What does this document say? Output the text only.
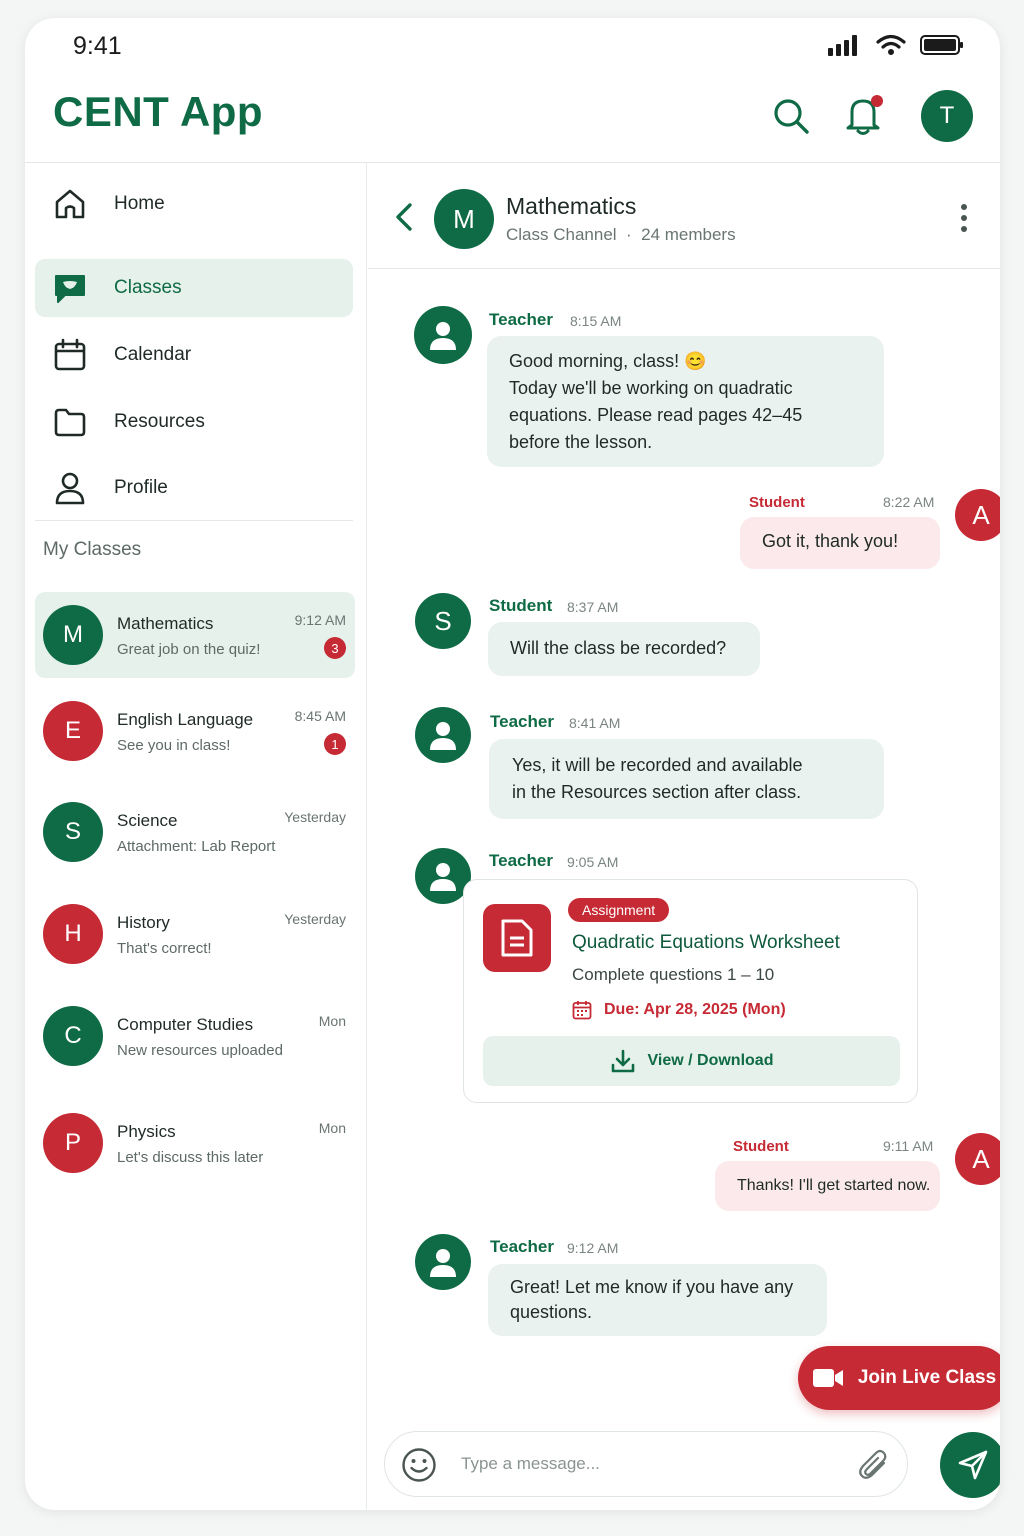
9:41
CENT App	T
Home
Classes
Calendar
Resources
Profile
My Classes
M	Mathematics
Great job on the quiz!
9:12 AM
3
E	English Language
See you in class!
8:45 AM
1
S	Science
Attachment: Lab Report
Yesterday
H	History
That's correct!
Yesterday
C	Computer Studies
New resources uploaded
Mon
P	Physics
Let's discuss this later
Mon
M	Mathematics
Class Channel  ·  24 members
Teacher 8:15 AM
Good morning, class! 😊
Today we'll be working on quadratic
equations. Please read pages 42–45
before the lesson.
Student	8:22 AM
Got it, thank you!
A
S	Student 8:37 AM
Will the class be recorded?
Teacher 8:41 AM
Yes, it will be recorded and available
in the Resources section after class.
Teacher 9:05 AM
Assignment
Quadratic Equations Worksheet
Complete questions 1 – 10
Due: Apr 28, 2025 (Mon)
View / Download
Student	9:11 AM
Thanks! I'll get started now.
A
Teacher 9:12 AM
Great! Let me know if you have any
questions.
Join Live Class
Type a message...
